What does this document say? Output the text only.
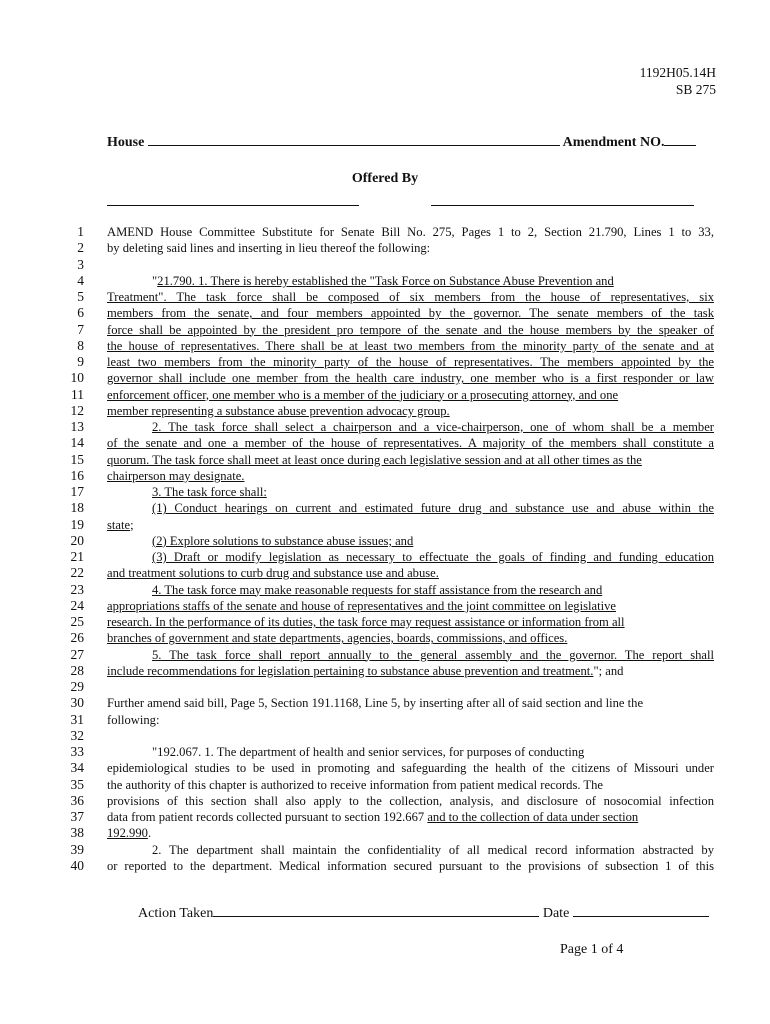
1192H05.14H
SB 275
House	Amendment NO.
Offered By
1 AMEND House Committee Substitute for Senate Bill No. 275, Pages 1 to 2, Section 21.790, Lines 1 to 33,
2 by deleting said lines and inserting in lieu thereof the following:
3
4	"21.790. 1. There is hereby established the "Task Force on Substance Abuse Prevention and
5 Treatment". The task force shall be composed of six members from the house of representatives, six
6 members from the senate, and four members appointed by the governor. The senate members of the task
7 force shall be appointed by the president pro tempore of the senate and the house members by the speaker of
8 the house of representatives. There shall be at least two members from the minority party of the senate and at
9 least two members from the minority party of the house of representatives. The members appointed by the
10 governor shall include one member from the health care industry, one member who is a first responder or law
11 enforcement officer, one member who is a member of the judiciary or a prosecuting attorney, and one
12 member representing a substance abuse prevention advocacy group.
13	2. The task force shall select a chairperson and a vice-chairperson, one of whom shall be a member
14 of the senate and one a member of the house of representatives. A majority of the members shall constitute a
15 quorum. The task force shall meet at least once during each legislative session and at all other times as the
16 chairperson may designate.
17	3. The task force shall:
18	(1) Conduct hearings on current and estimated future drug and substance use and abuse within the
19 state;
20	(2) Explore solutions to substance abuse issues; and
21	(3) Draft or modify legislation as necessary to effectuate the goals of finding and funding education
22 and treatment solutions to curb drug and substance use and abuse.
23	4. The task force may make reasonable requests for staff assistance from the research and
24 appropriations staffs of the senate and house of representatives and the joint committee on legislative
25 research. In the performance of its duties, the task force may request assistance or information from all
26 branches of government and state departments, agencies, boards, commissions, and offices.
27	5. The task force shall report annually to the general assembly and the governor. The report shall
28 include recommendations for legislation pertaining to substance abuse prevention and treatment."; and
29
30 Further amend said bill, Page 5, Section 191.1168, Line 5, by inserting after all of said section and line the
31 following:
32
33	"192.067. 1. The department of health and senior services, for purposes of conducting
34 epidemiological studies to be used in promoting and safeguarding the health of the citizens of Missouri under
35 the authority of this chapter is authorized to receive information from patient medical records. The
36 provisions of this section shall also apply to the collection, analysis, and disclosure of nosocomial infection
37 data from patient records collected pursuant to section 192.667 and to the collection of data under section
38 192.990.
39	2. The department shall maintain the confidentiality of all medical record information abstracted by
40 or reported to the department. Medical information secured pursuant to the provisions of subsection 1 of this
Action Taken	Date
Page 1 of 4
